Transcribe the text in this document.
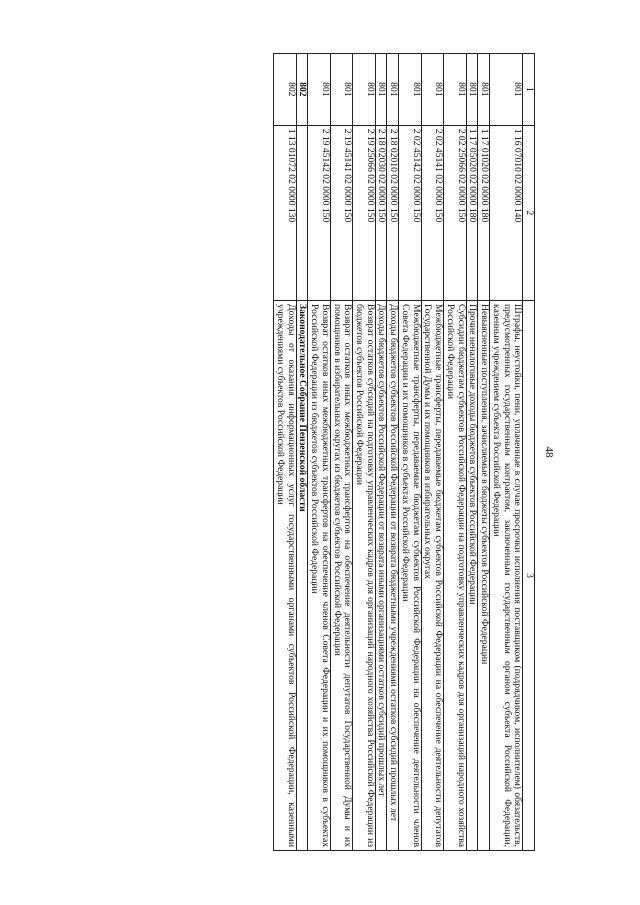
48
1	2	3
801	1 16 07010 02 0000 140	Штрафы, неустойки, пени, уплаченные в случае просрочки исполнения поставщиком (подрядчиком, исполнителем) обязательств, предусмотренных государственным контрактом, заключенным государственным органом субъекта Российской Федерации, казенным учреждением субъекта Российской Федерации
801	1 17 01020 02 0000 180	Невыясненные поступления, зачисляемые в бюджеты субъектов Российской Федерации
801	1 17 05020 02 0000 180	Прочие неналоговые доходы бюджетов субъектов Российской Федерации
801	2 02 25066 02 0000 150	Субсидии бюджетам субъектов Российской Федерации на подготовку управленческих кадров для организаций народного хозяйства Российской Федерации
801	2 02 45141 02 0000 150	Межбюджетные трансферты, передаваемые бюджетам субъектов Российской Федерации на обеспечение деятельности депутатов Государственной Думы и их помощников в избирательных округах
801	2 02 45142 02 0000 150	Межбюджетные трансферты, передаваемые бюджетам субъектов Российской Федерации на обеспечение деятельности членов Совета Федерации и их помощников в субъектах Российской Федерации
801	2 18 02010 02 0000 150	Доходы бюджетов субъектов Российской Федерации от возврата бюджетными учреждениями остатков субсидий прошлых лет
801	2 18 02030 02 0000 150	Доходы бюджетов субъектов Российской Федерации от возврата иными организациями остатков субсидий прошлых лет
801	2 19 25066 02 0000 150	Возврат остатков субсидий на подготовку управленческих кадров для организаций народного хозяйства Российской Федерации из бюджетов субъектов Российской Федерации
801	2 19 45141 02 0000 150	Возврат остатков иных межбюджетных трансфертов на обеспечение деятельности депутатов Государственной Думы и их помощников в избирательных округах из бюджетов субъектов Российской Федерации
801	2 19 45142 02 0000 150	Возврат остатков иных межбюджетных трансфертов на обеспечение членов Совета Федерации и их помощников в субъектах Российской Федерации из бюджетов субъектов Российской Федерации
802		Законодательное Собрание Пензенской области
802	1 13 01072 02 0000 130	Доходы от оказания информационных услуг государственными органами субъектов Российской Федерации, казенными учреждениями субъектов Российской Федерации
